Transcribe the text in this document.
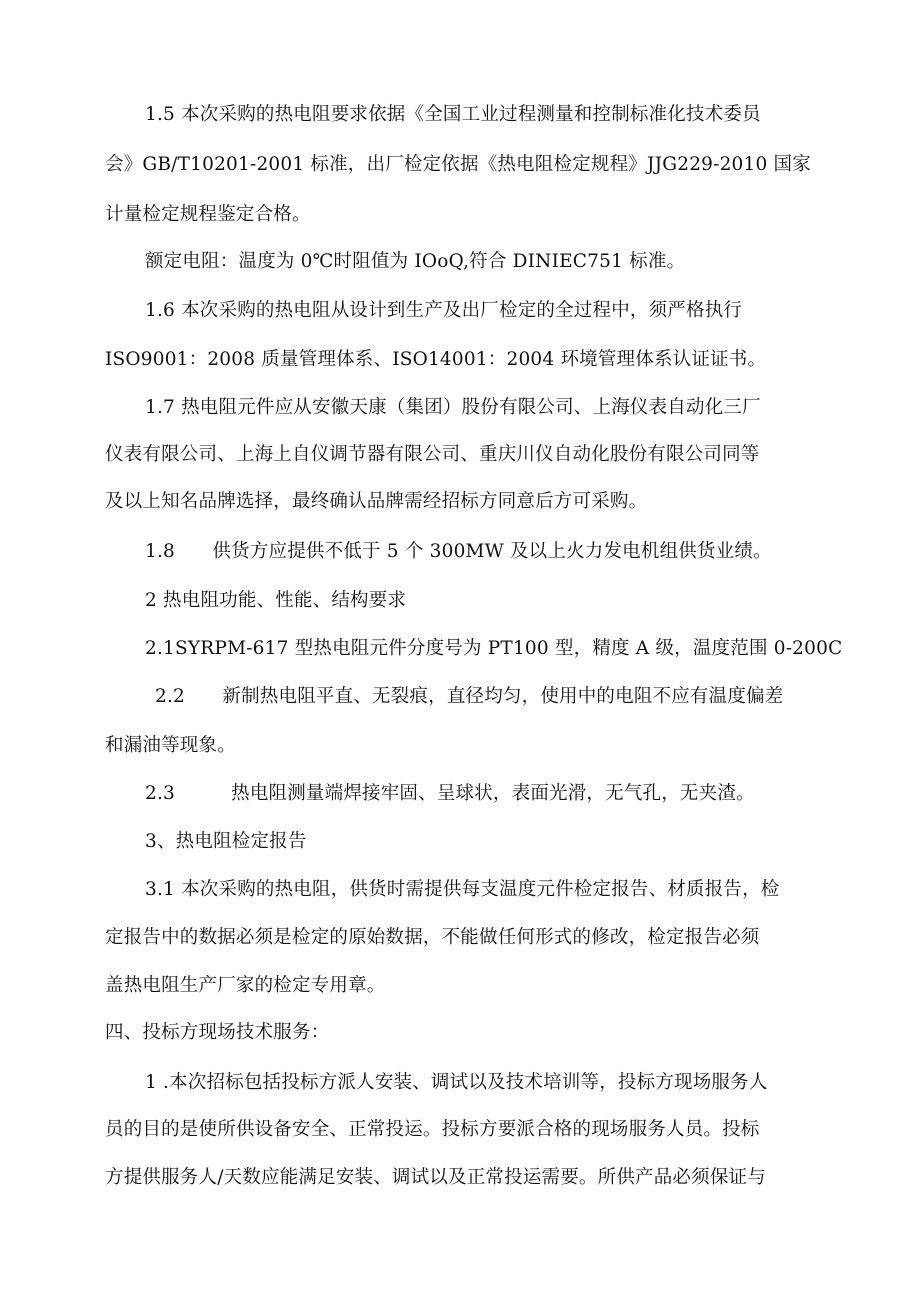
1.5 本次采购的热电阻要求依据《全国工业过程测量和控制标准化技术委员
会》GB/T10201-2001 标准，出厂检定依据《热电阻检定规程》JJG229-2010 国家
计量检定规程鉴定合格。
额定电阻：温度为 0℃时阻值为 IOoQ,符合 DINIEC751 标准。
1.6 本次采购的热电阻从设计到生产及出厂检定的全过程中，须严格执行
ISO9001：2008 质量管理体系、ISO14001：2004 环境管理体系认证证书。
1.7 热电阻元件应从安徽天康（集团）股份有限公司、上海仪表自动化三厂
仪表有限公司、上海上自仪调节器有限公司、重庆川仪自动化股份有限公司同等
及以上知名品牌选择，最终确认品牌需经招标方同意后方可采购。
1.8　　供货方应提供不低于 5 个 300MW 及以上火力发电机组供货业绩。
2 热电阻功能、性能、结构要求
2.1SYRPM-617 型热电阻元件分度号为 PT100 型，精度 A 级，温度范围 0-200C
2.2　　新制热电阻平直、无裂痕，直径均匀，使用中的电阻不应有温度偏差
和漏油等现象。
2.3　　　热电阻测量端焊接牢固、呈球状，表面光滑，无气孔，无夹渣。
3、热电阻检定报告
3.1 本次采购的热电阻，供货时需提供每支温度元件检定报告、材质报告，检
定报告中的数据必须是检定的原始数据，不能做任何形式的修改，检定报告必须
盖热电阻生产厂家的检定专用章。
四、投标方现场技术服务：
1 .本次招标包括投标方派人安装、调试以及技术培训等，投标方现场服务人
员的目的是使所供设备安全、正常投运。投标方要派合格的现场服务人员。投标
方提供服务人/天数应能满足安装、调试以及正常投运需要。所供产品必须保证与
